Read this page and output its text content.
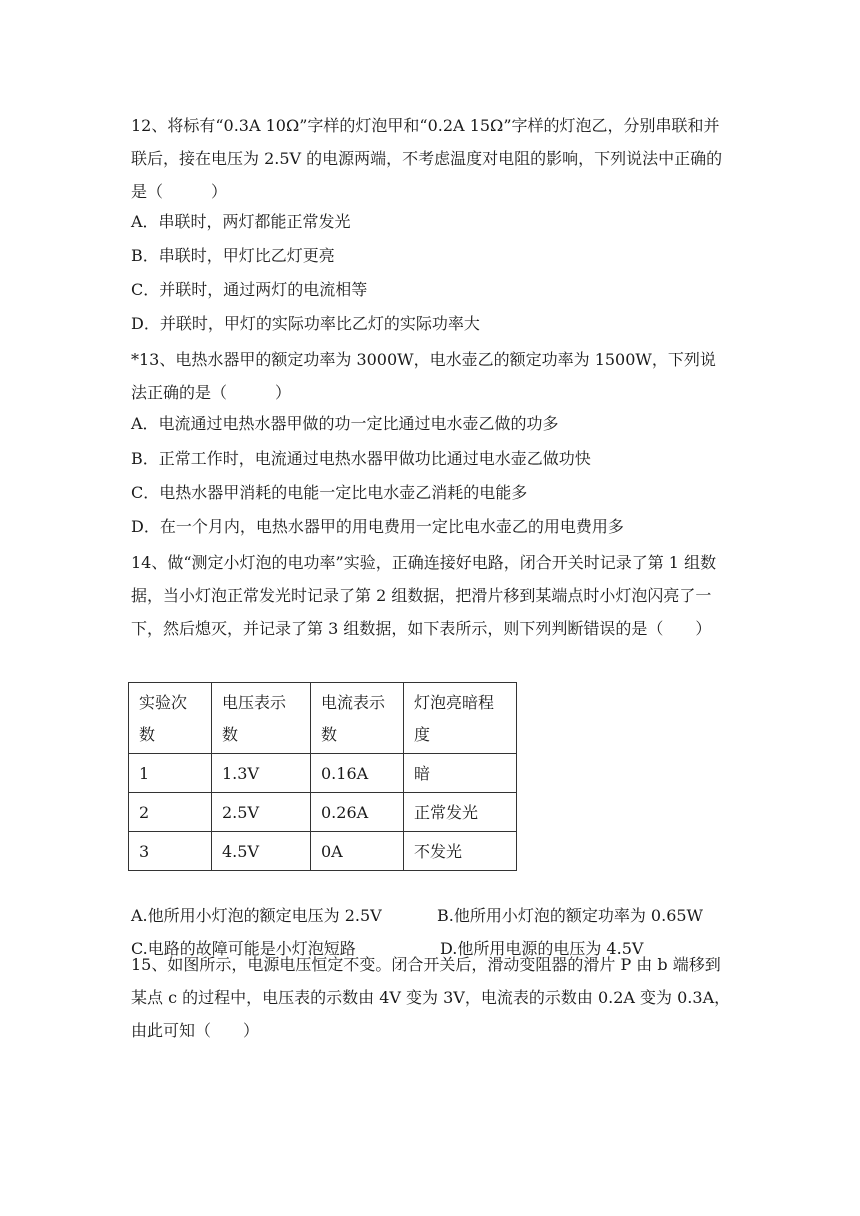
12、将标有“0.3A 10Ω”字样的灯泡甲和“0.2A 15Ω”字样的灯泡乙，分别串联和并联后，接在电压为 2.5V 的电源两端，不考虑温度对电阻的影响，下列说法中正确的是（　　　）

A．串联时，两灯都能正常发光

B．串联时，甲灯比乙灯更亮

C．并联时，通过两灯的电流相等

D．并联时，甲灯的实际功率比乙灯的实际功率大

*13、电热水器甲的额定功率为 3000W，电水壶乙的额定功率为 1500W，下列说法正确的是（　　　）

A．电流通过电热水器甲做的功一定比通过电水壶乙做的功多

B．正常工作时，电流通过电热水器甲做功比通过电水壶乙做功快

C．电热水器甲消耗的电能一定比电水壶乙消耗的电能多

D．在一个月内，电热水器甲的用电费用一定比电水壶乙的用电费用多

14、做“测定小灯泡的电功率”实验，正确连接好电路，闭合开关时记录了第 1 组数据，当小灯泡正常发光时记录了第 2 组数据，把滑片移到某端点时小灯泡闪亮了一下，然后熄灭，并记录了第 3 组数据，如下表所示，则下列判断错误的是（　　）

实验次数	电压表示数	电流表示数	灯泡亮暗程度
1	1.3V	0.16A	暗
2	2.5V	0.26A	正常发光
3	4.5V	0A	不发光

A.他所用小灯泡的额定电压为 2.5V	B.他所用小灯泡的额定功率为 0.65W

C.电路的故障可能是小灯泡短路	D.他所用电源的电压为 4.5V

15、如图所示，电源电压恒定不变。闭合开关后，滑动变阻器的滑片 P 由 b 端移到某点 c 的过程中，电压表的示数由 4V 变为 3V，电流表的示数由 0.2A 变为 0.3A，由此可知（　　）
